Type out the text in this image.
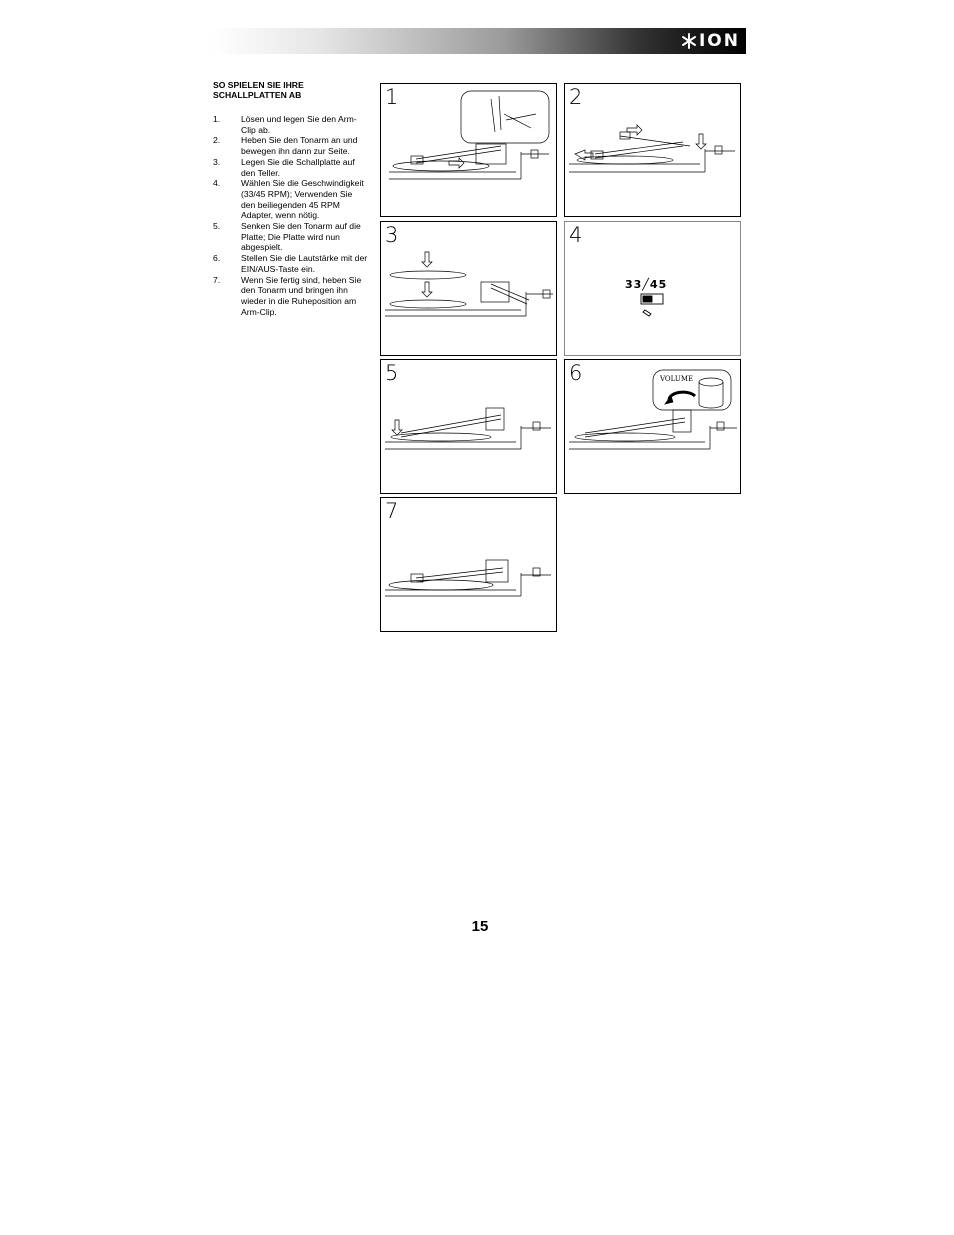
ION
SO SPIELEN SIE IHRE SCHALLPLATTEN AB
1.	Lösen und legen Sie den Arm-Clip ab.
2.	Heben Sie den Tonarm an und bewegen ihn dann zur Seite.
3.	Legen Sie die Schallplatte auf den Teller.
4.	Wählen Sie die Geschwindigkeit (33/45 RPM); Verwenden Sie den beiliegenden 45 RPM Adapter, wenn nötig.
5.	Senken Sie den Tonarm auf die Platte; Die Platte wird nun abgespielt.
6.	Stellen Sie die Lautstärke mit der EIN/AUS-Taste ein.
7.	Wenn Sie fertig sind, heben Sie den Tonarm und bringen ihn wieder in die Ruheposition am Arm-Clip.
1	2
3	4
33╱45
5	6	VOLUME
7
15
